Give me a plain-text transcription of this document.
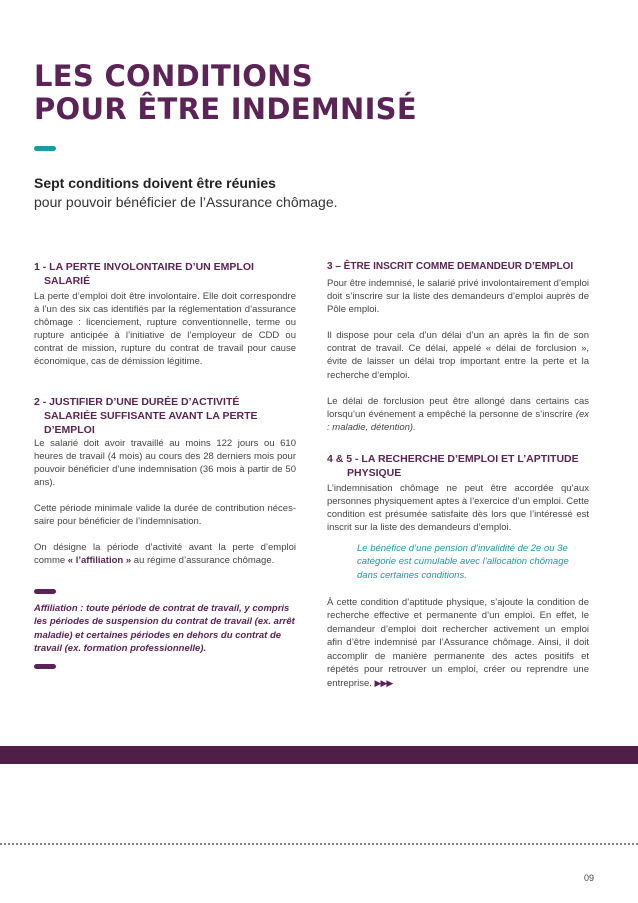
LES CONDITIONS
POUR ÊTRE INDEMNISÉ
Sept conditions doivent être réunies
pour pouvoir bénéficier de l’Assurance chômage.
1 - LA PERTE INVOLONTAIRE D’UN EMPLOI
SALARIÉ

La perte d’emploi doit être involontaire. Elle doit correspondre à l’un des six cas identifiés par la réglementation d’assurance chômage : licenciement, rupture conventionnelle, terme ou rupture anticipée à l’initiative de l’employeur de CDD ou contrat de mission, rupture du contrat de travail pour cause économique, cas de démission légitime.

2 - JUSTIFIER D’UNE DURÉE D’ACTIVITÉ
SALARIÉE SUFFISANTE AVANT LA PERTE
D’EMPLOI

Le salarié doit avoir travaillé au moins 122 jours ou 610 heures de travail (4 mois) au cours des 28 derniers mois pour pouvoir bénéficier d’une indemnisation (36 mois à partir de 50 ans).

Cette période minimale valide la durée de contribution néces-saire pour bénéficier de l’indemnisation.

On désigne la période d’activité avant la perte d’emploi comme « l’affiliation » au régime d’assurance chômage.

Affiliation : toute période de contrat de travail, y compris les périodes de suspension du contrat de travail (ex. arrêt maladie) et certaines périodes en dehors du contrat de travail (ex. formation professionnelle).

3 – ÊTRE INSCRIT COMME DEMANDEUR D’EMPLOI

Pour être indemnisé, le salarié privé involontairement d’emploi doit s’inscrire sur la liste des demandeurs d’emploi auprès de Pôle emploi.

Il dispose pour cela d’un délai d’un an après la fin de son contrat de travail. Ce délai, appelé « délai de forclusion », évite de laisser un délai trop important entre la perte et la recherche d’emploi.

Le délai de forclusion peut être allongé dans certains cas lorsqu’un événement a empêché la personne de s’inscrire (ex : maladie, détention).

4 & 5 - LA RECHERCHE D’EMPLOI ET L’APTITUDE
PHYSIQUE

L’indemnisation chômage ne peut être accordée qu’aux personnes physiquement aptes à l’exercice d’un emploi. Cette condition est présumée satisfaite dès lors que l’intéressé est inscrit sur la liste des demandeurs d’emploi.

Le bénéfice d’une pension d’invalidité de 2e ou 3e catégorie est cumulable avec l’allocation chômage dans certaines conditions.

À cette condition d’aptitude physique, s’ajoute la condition de recherche effective et permanente d’un emploi. En effet, le demandeur d’emploi doit rechercher activement un emploi afin d’être indemnisé par l’Assurance chômage. Ainsi, il doit accomplir de manière permanente des actes positifs et répétés pour retrouver un emploi, créer ou reprendre une entreprise. ▶▶▶

09
